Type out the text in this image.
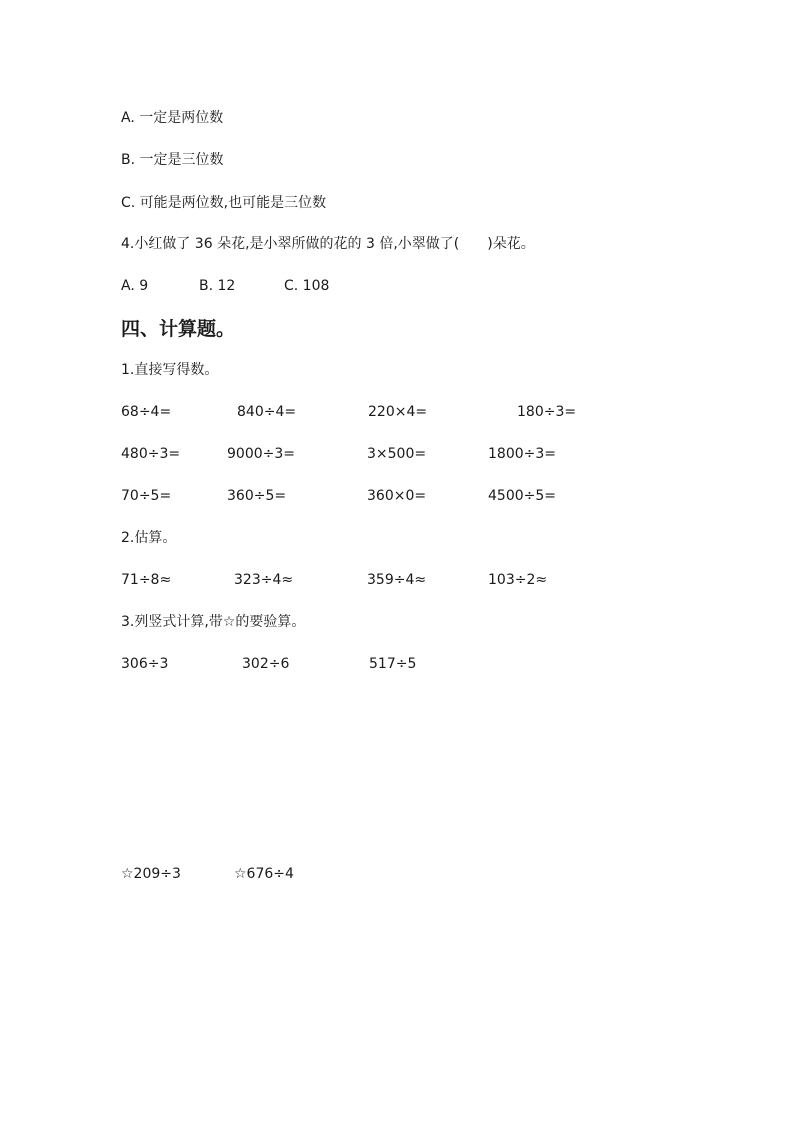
A. 一定是两位数
B. 一定是三位数
C. 可能是两位数,也可能是三位数
4.小红做了 36 朵花,是小翠所做的花的 3 倍,小翠做了(　　)朵花。
A. 9	B. 12	C. 108
四、计算题。
1.直接写得数。
68÷4=	840÷4=	220×4=	180÷3=
480÷3=	9000÷3=	3×500=	1800÷3=
70÷5=	360÷5=	360×0=	4500÷5=
2.估算。
71÷8≈	323÷4≈	359÷4≈	103÷2≈
3.列竖式计算,带☆的要验算。
306÷3	302÷6	517÷5
☆209÷3	☆676÷4
